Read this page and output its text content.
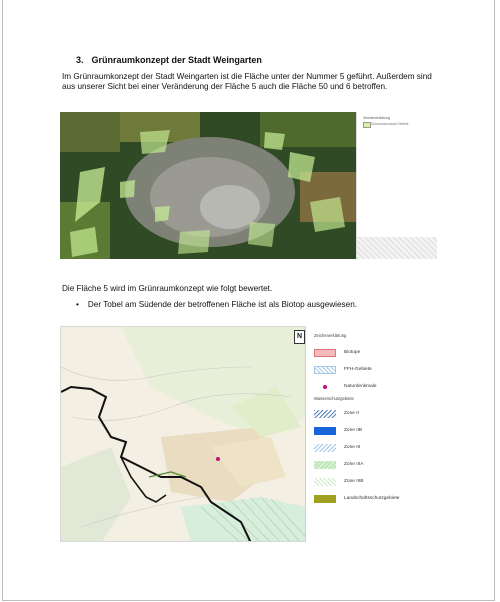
3. Grünraumkonzept der Stadt Weingarten
Im Grünraumkonzept der Stadt Weingarten ist die Fläche unter der Nummer 5 geführt. Außerdem sind aus unserer Sicht bei einer Veränderung der Fläche 5 auch die Fläche 50 und 6 betroffen.
Zeichenerklärung
Grünraumkonzept Gebiete
Die Fläche 5 wird im Grünraumkonzept wie folgt bewertet.
• Der Tobel am Südende der betroffenen Fläche ist als Biotop ausgewiesen.
N	Zeichenerklärung
Biotope
FFH-Gebiete
Naturdenkmale
Wasserschutzgebiete
Zone II
Zone IIB
Zone III
Zone IIIA
Zone IIIB
Landschaftsschutzgebiete
